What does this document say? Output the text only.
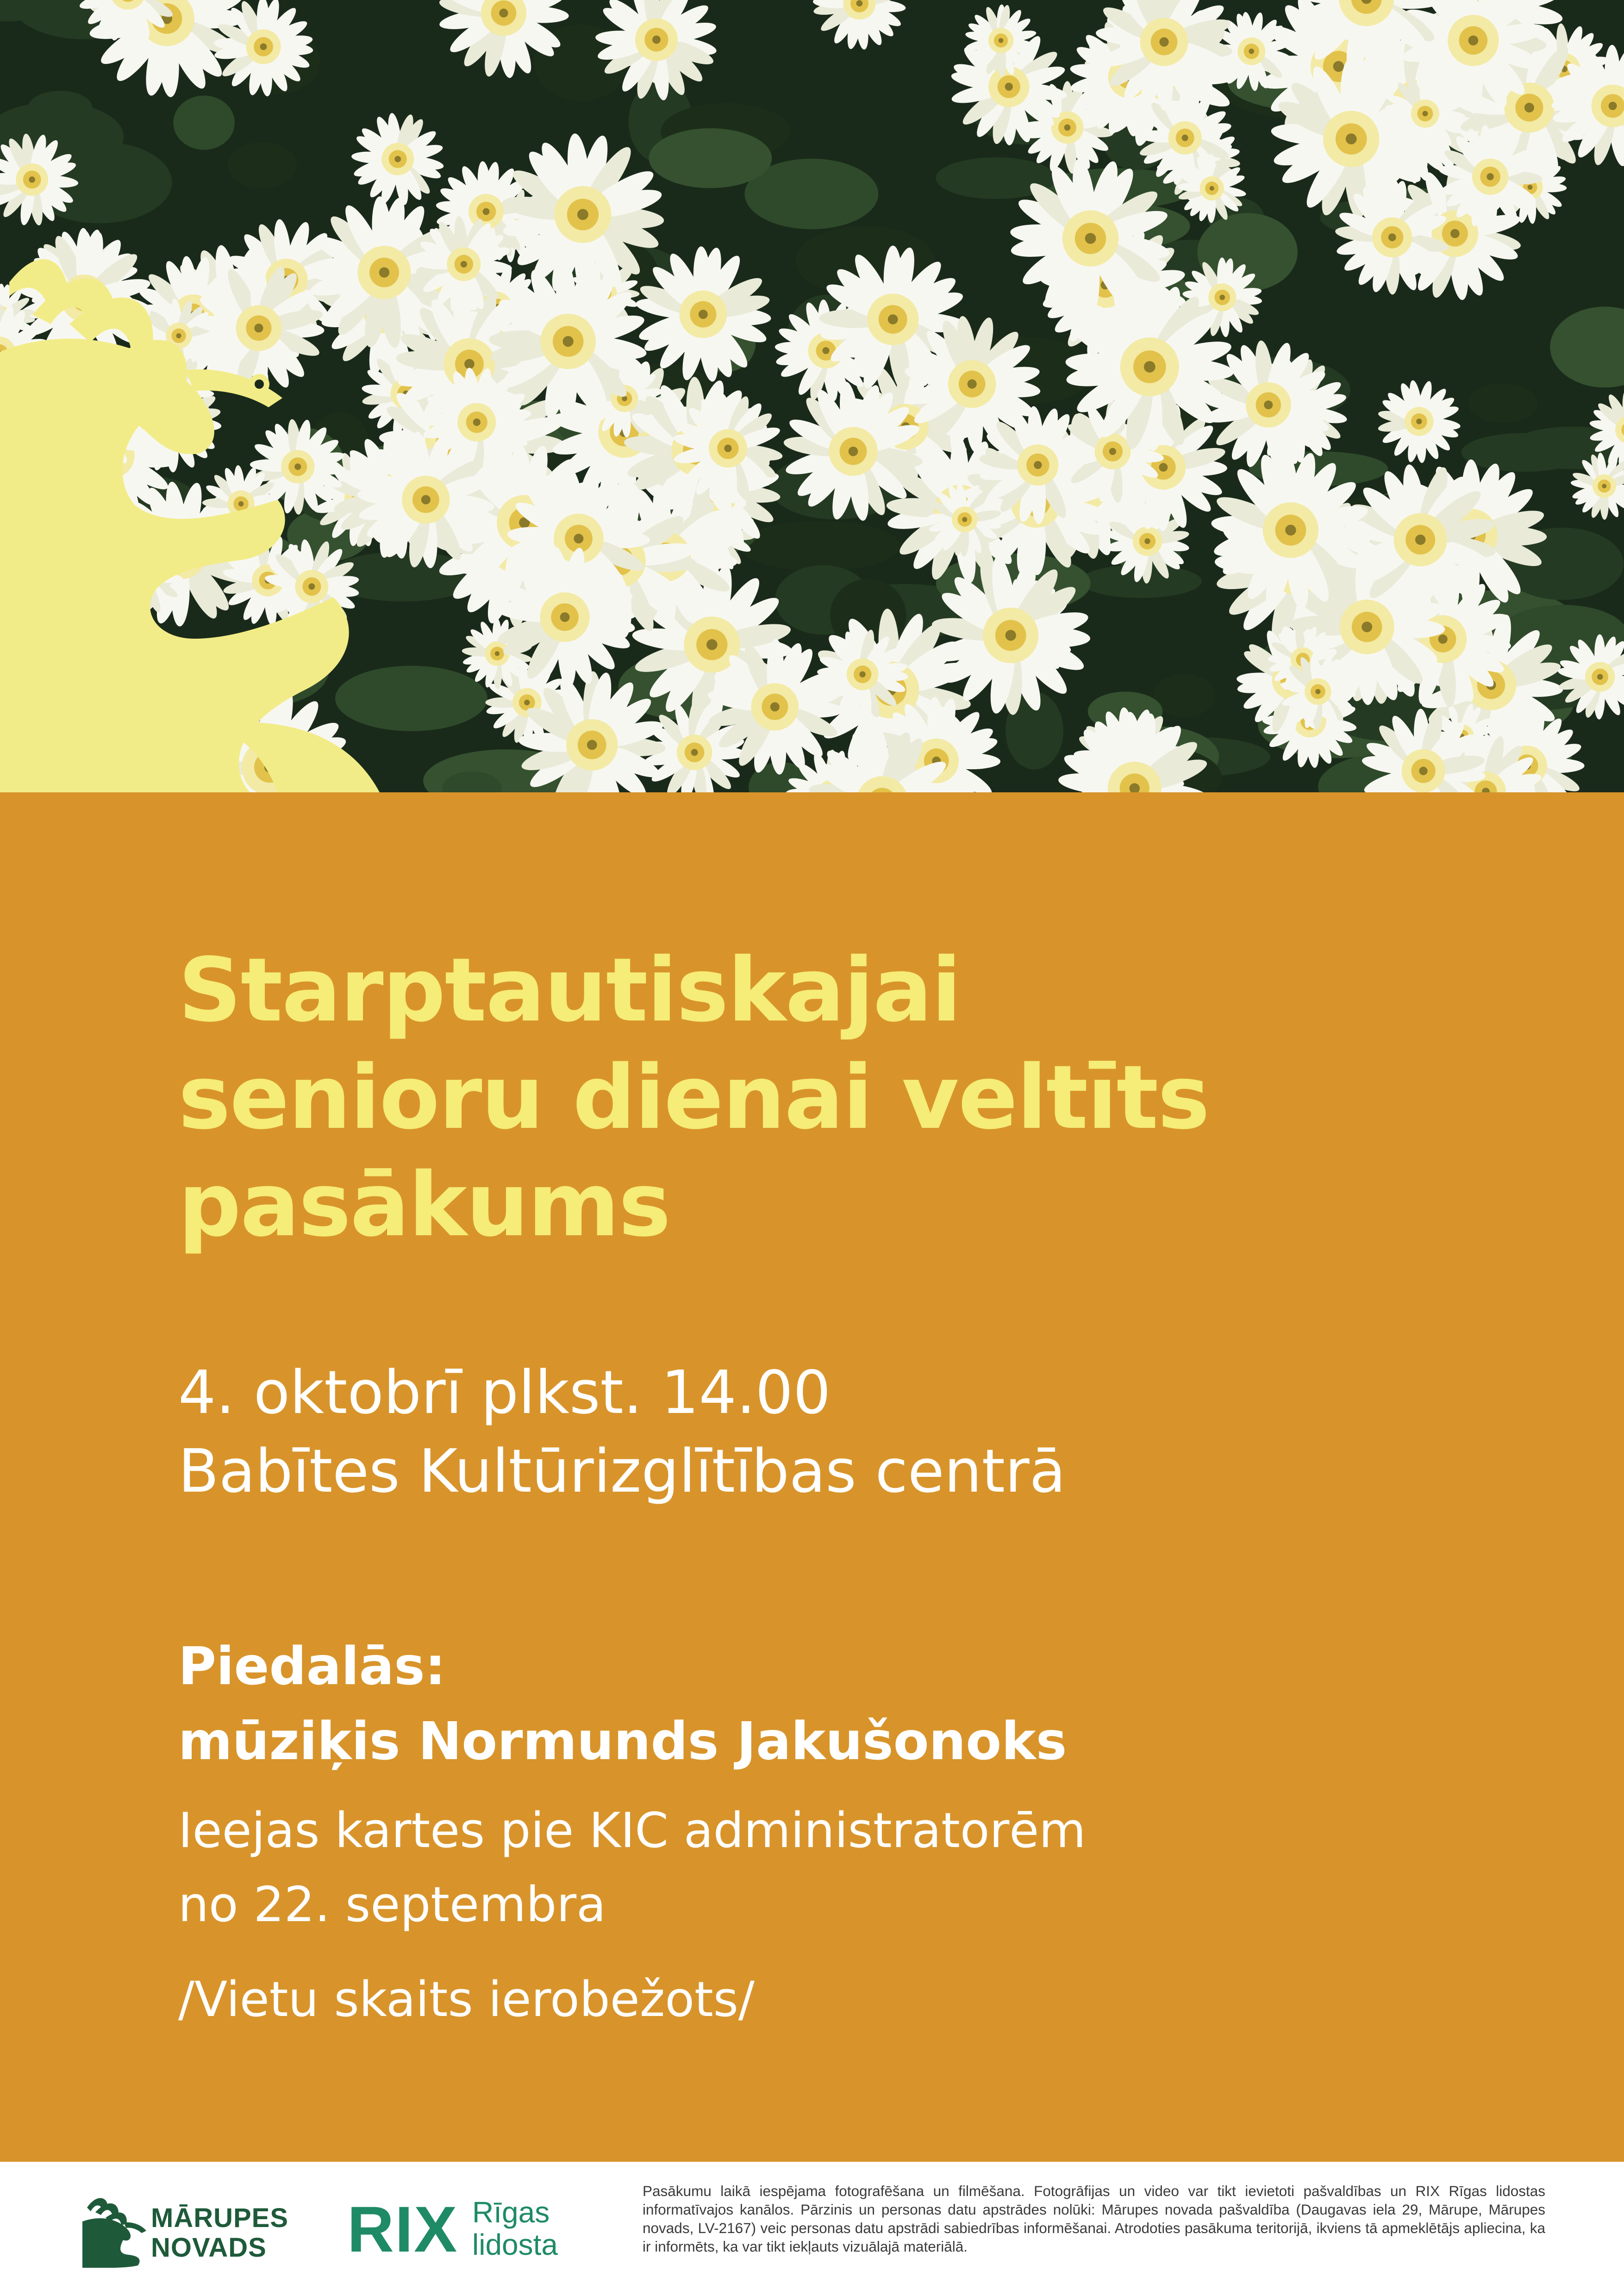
Starptautiskajai
senioru dienai veltīts
pasākums
4. oktobrī plkst. 14.00
Babītes Kultūrizglītības centrā
Piedalās:
mūziķis Normunds Jakušonoks
Ieejas kartes pie KIC administratorēm
no 22. septembra
/Vietu skaits ierobežots/
MĀRUPES
NOVADS RIX Rīgas
lidosta

Pasākumu laikā iespējama fotografēšana un filmēšana. Fotogrāfijas un video var tikt ievietoti pašvaldības un RIX Rīgas lidostas informatīvajos kanālos. Pārzinis un personas datu apstrādes nolūki: Mārupes novada pašvaldība (Daugavas iela 29, Mārupe, Mārupes novads, LV-2167) veic personas datu apstrādi sabiedrības informēšanai. Atrodoties pasākuma teritorijā, ikviens tā apmeklētājs apliecina, ka ir informēts, ka var tikt iekļauts vizuālajā materiālā.
